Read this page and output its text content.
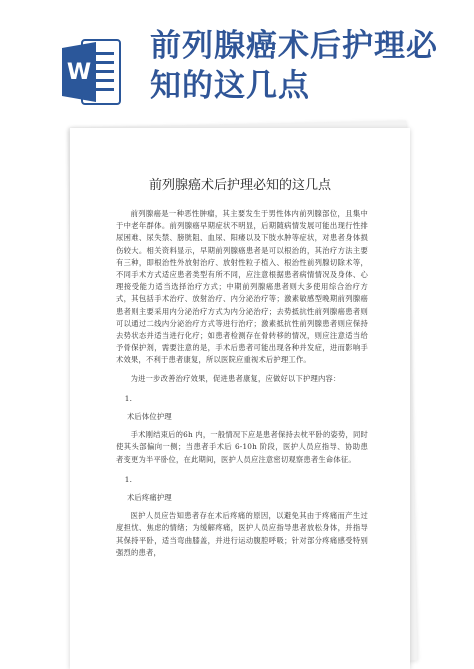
W
前列腺癌术后护理必知的这几点
前列腺癌术后护理必知的这几点

前列腺癌是一种恶性肿瘤，其主要发生于男性体内前列腺部位，且集中于中老年群体。前列腺癌早期症状不明显，后期随病情发展可能出现行性排尿困难、尿失禁、膀胱阻、血尿、阳痿以及下肢水肿等症状，对患者身体损伤较大。相关资料显示，早期前列腺癌患者是可以根治的，其治疗方法主要有三种，即根治性外放射治疗、放射性粒子植入、根治性前列腺切除术等，不同手术方式适应患者类型有所不同，应注意根据患者病情情况及身体、心理接受能力适当选择治疗方式；中期前列腺癌患者则大多使用综合治疗方式，其包括手术治疗、放射治疗、内分泌治疗等；激素敏感型晚期前列腺癌患者则主要采用内分泌治疗方式为内分泌治疗；去势抵抗性前列腺癌患者则可以通过二线内分泌治疗方式等进行治疗；激素抵抗性前列腺患者则应保持去势状态并适当进行化疗；如患者检测存在骨转移的情况，则应注意适当给予骨保护剂，需要注意的是，手术后患者可能出现各种并发症，进而影响手术效果，不利于患者康复，所以医院应重视术后护理工作。

为进一步改善治疗效果，促进患者康复，应做好以下护理内容：

1.

术后体位护理

手术刚结束后的6h 内，一般情况下应是患者保持去枕平卧的姿势，同时使其头部偏向一侧；当患者手术后 6-10h 阶段，医护人员应指导、协助患者变更为半平卧位，在此期间，医护人员应注意密切观察患者生命体征。

1.

术后疼痛护理

医护人员应告知患者存在术后疼痛的原因，以避免其由于疼痛而产生过度担忧、焦虑的情绪；为缓解疼痛，医护人员应指导患者放松身体，并指导其保持平卧，适当弯曲膝盖，并进行运动腹腔呼吸；针对部分疼痛感受特别强烈的患者，
